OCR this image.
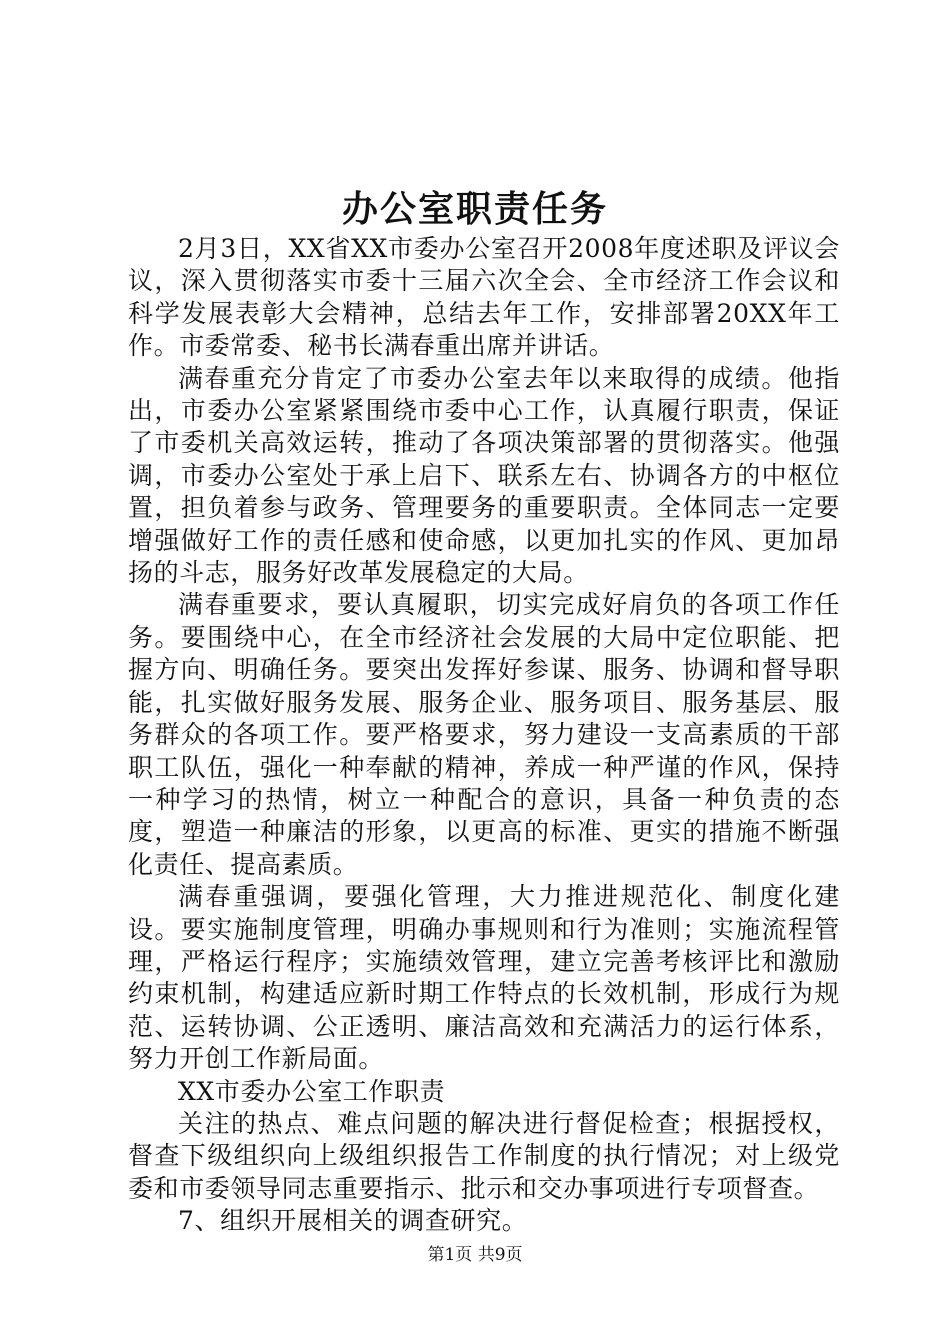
办公室职责任务

2月3日，XX省XX市委办公室召开2008年度述职及评议会议，深入贯彻落实市委十三届六次全会、全市经济工作会议和科学发展表彰大会精神，总结去年工作，安排部署20XX年工作。市委常委、秘书长满春重出席并讲话。

满春重充分肯定了市委办公室去年以来取得的成绩。他指出，市委办公室紧紧围绕市委中心工作，认真履行职责，保证了市委机关高效运转，推动了各项决策部署的贯彻落实。他强调，市委办公室处于承上启下、联系左右、协调各方的中枢位置，担负着参与政务、管理要务的重要职责。全体同志一定要增强做好工作的责任感和使命感，以更加扎实的作风、更加昂扬的斗志，服务好改革发展稳定的大局。

满春重要求，要认真履职，切实完成好肩负的各项工作任务。要围绕中心，在全市经济社会发展的大局中定位职能、把握方向、明确任务。要突出发挥好参谋、服务、协调和督导职能，扎实做好服务发展、服务企业、服务项目、服务基层、服务群众的各项工作。要严格要求，努力建设一支高素质的干部职工队伍，强化一种奉献的精神，养成一种严谨的作风，保持一种学习的热情，树立一种配合的意识，具备一种负责的态度，塑造一种廉洁的形象，以更高的标准、更实的措施不断强化责任、提高素质。

满春重强调，要强化管理，大力推进规范化、制度化建设。要实施制度管理，明确办事规则和行为准则；实施流程管理，严格运行程序；实施绩效管理，建立完善考核评比和激励约束机制，构建适应新时期工作特点的长效机制，形成行为规范、运转协调、公正透明、廉洁高效和充满活力的运行体系，努力开创工作新局面。

XX市委办公室工作职责

关注的热点、难点问题的解决进行督促检查；根据授权，督查下级组织向上级组织报告工作制度的执行情况；对上级党委和市委领导同志重要指示、批示和交办事项进行专项督查。

7、组织开展相关的调查研究。

第1页 共9页
